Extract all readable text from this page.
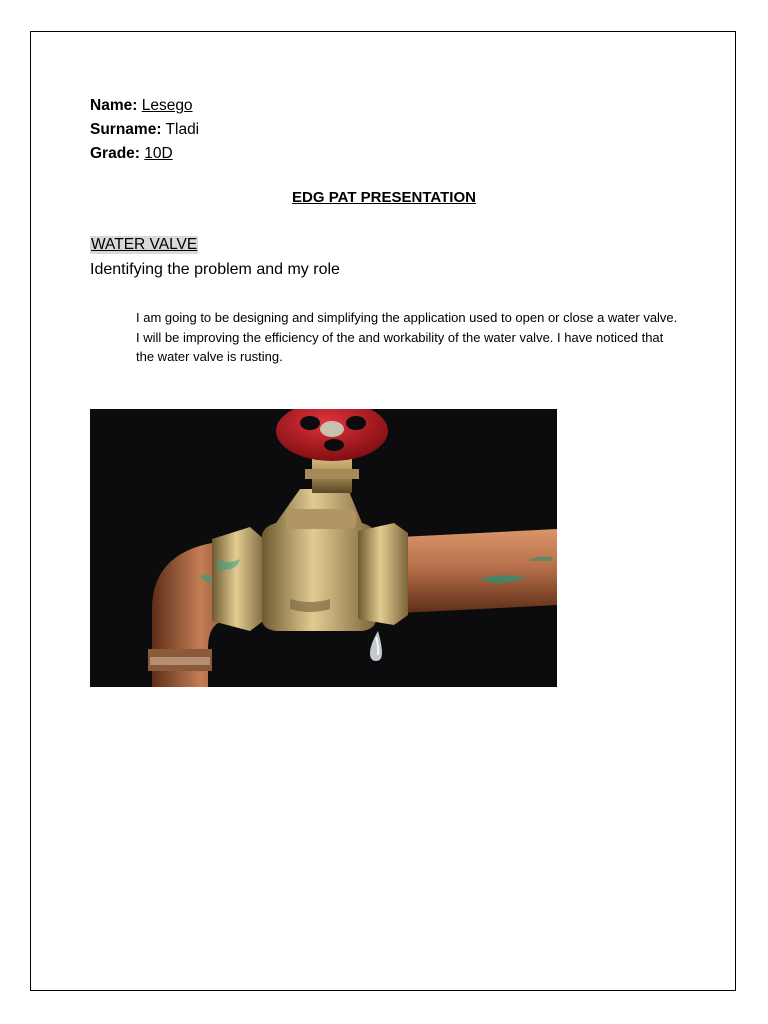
Name: Lesego
Surname: Tladi
Grade: 10D
EDG PAT PRESENTATION
WATER VALVE
Identifying the problem and my role
I am going to be designing and simplifying the application used to open or close a water valve. I will be improving the efficiency of the and workability of the water valve. I have noticed that the water valve is rusting.
